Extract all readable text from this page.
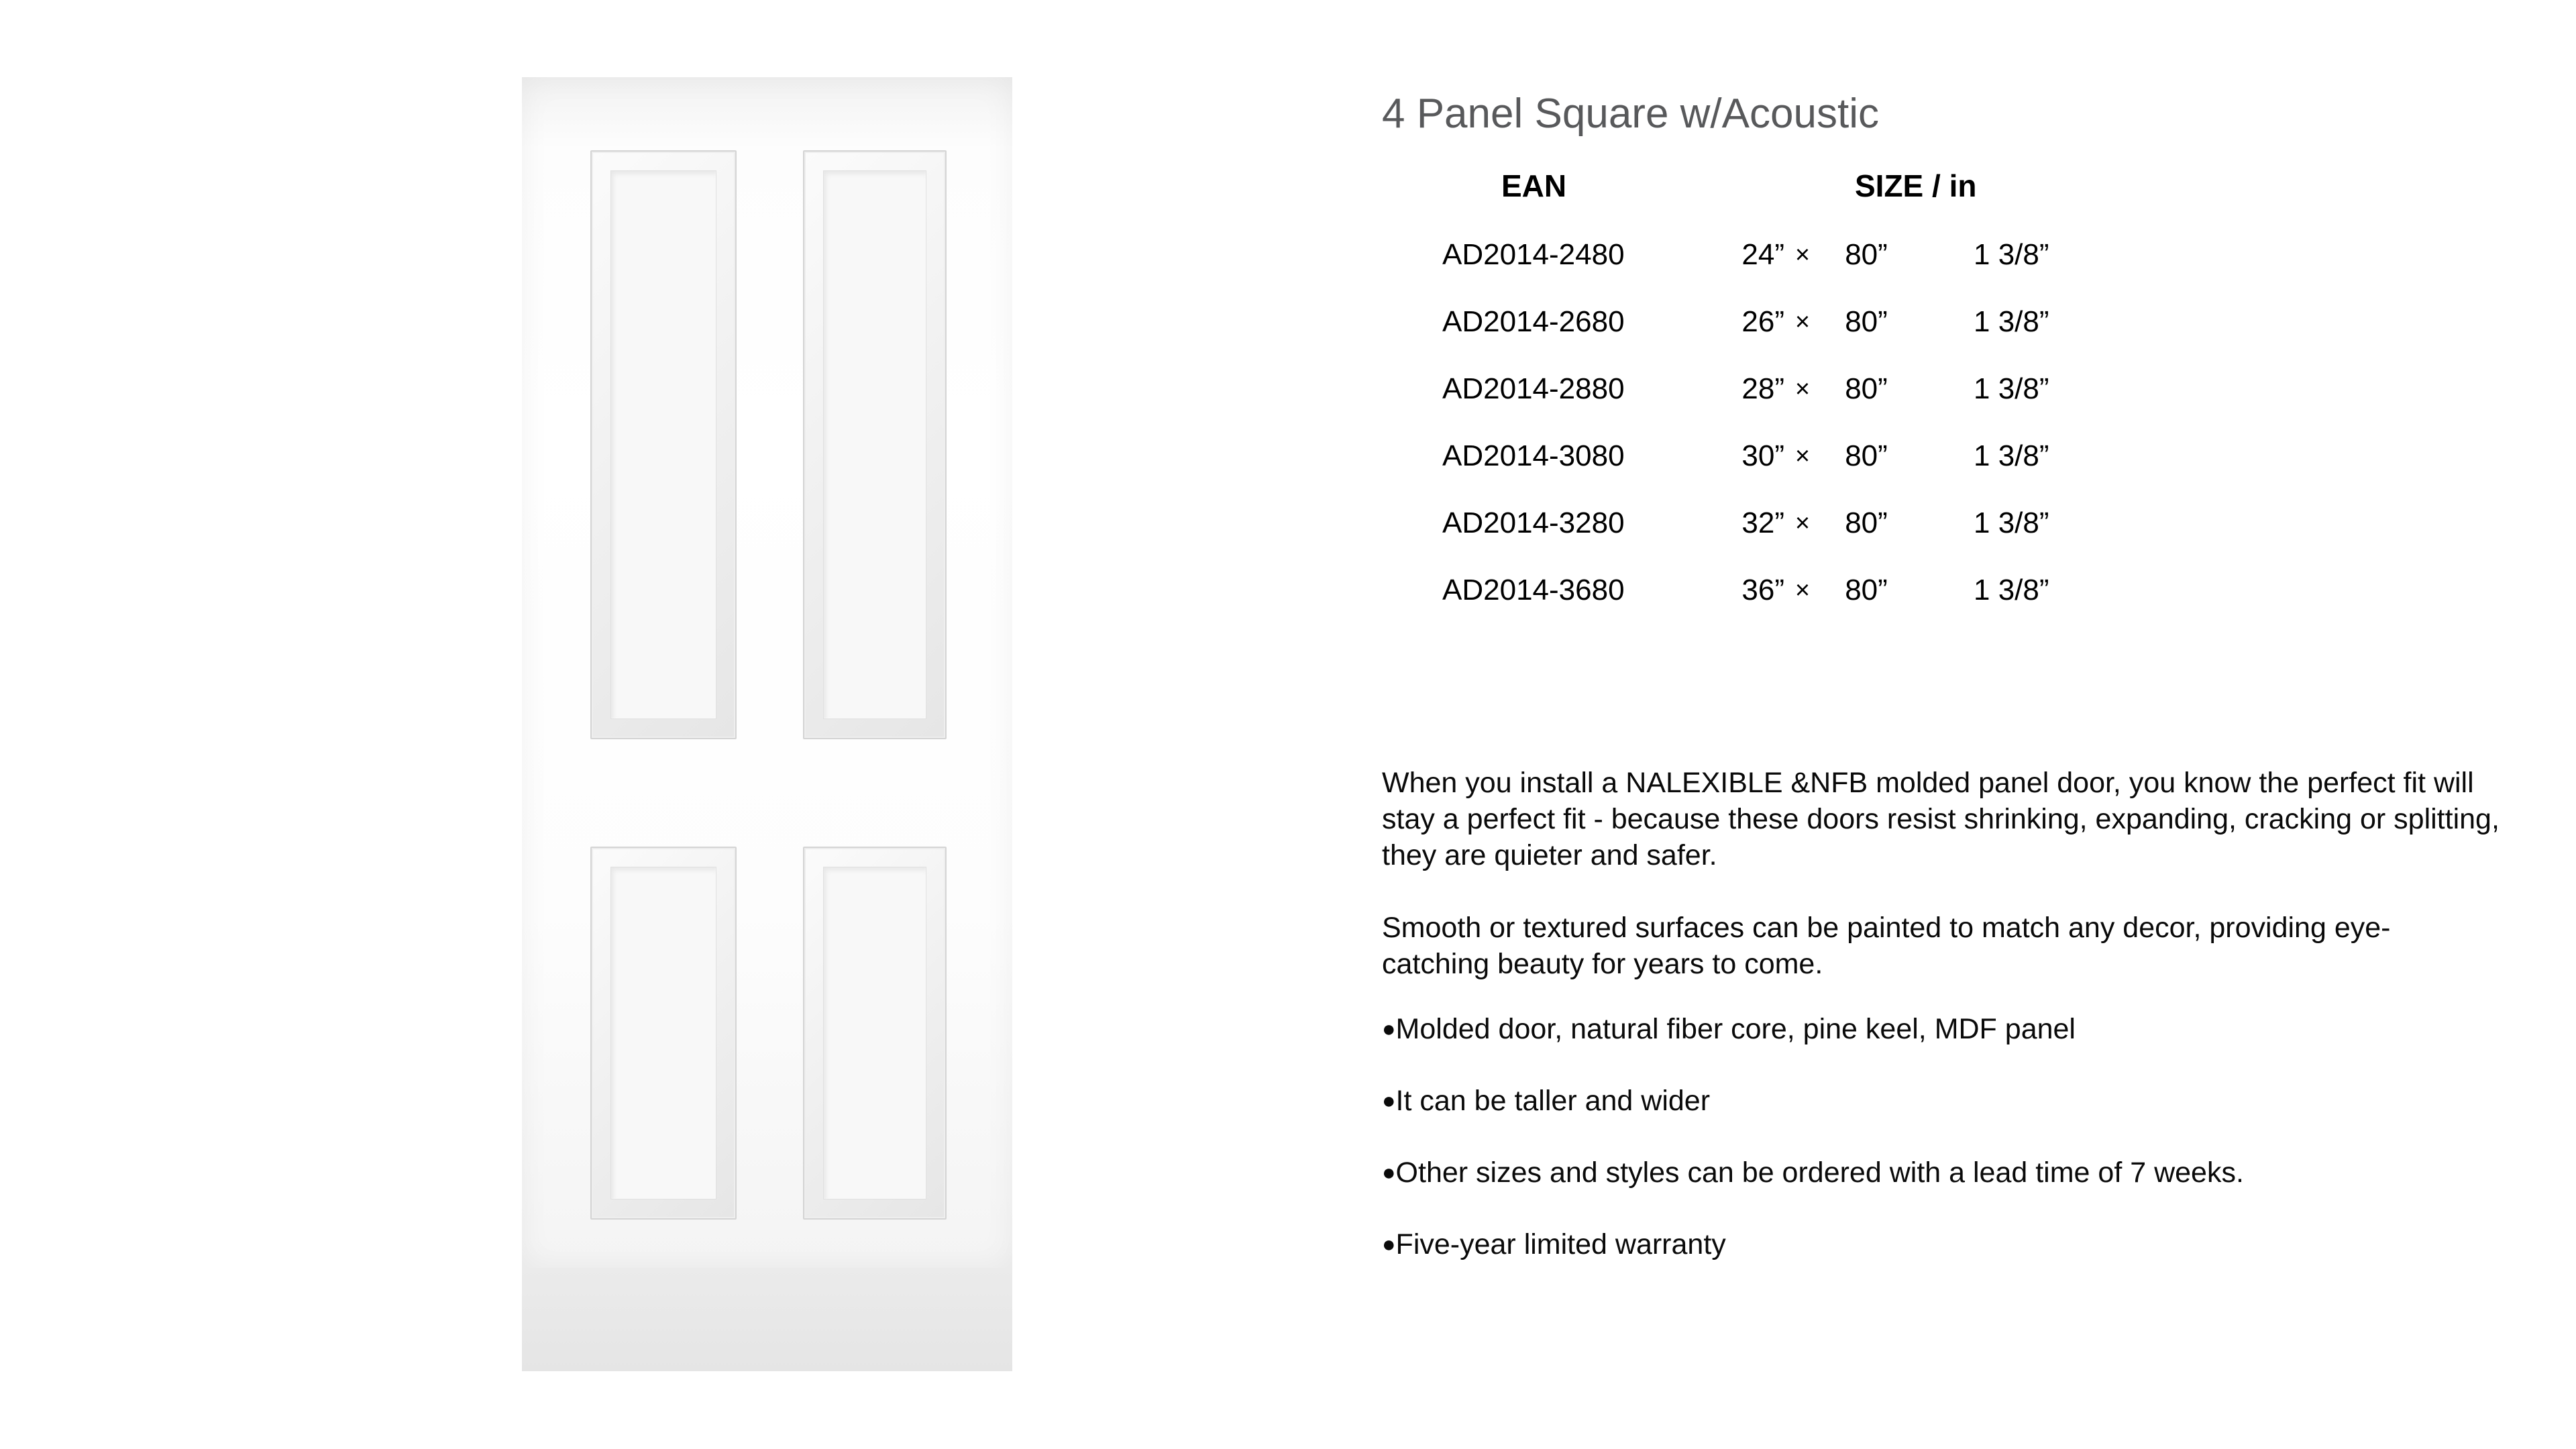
4 Panel Square w/Acoustic
EAN	SIZE / in
AD2014-2480	24” ×	80”	1 3/8”
AD2014-2680	26” ×	80”	1 3/8”
AD2014-2880	28” ×	80”	1 3/8”
AD2014-3080	30” ×	80”	1 3/8”
AD2014-3280	32” ×	80”	1 3/8”
AD2014-3680	36” ×	80”	1 3/8”
When you install a NALEXIBLE &NFB molded panel door, you know the perfect fit will
stay a perfect fit - because these doors resist shrinking, expanding, cracking or splitting,
they are quieter and safer.
Smooth or textured surfaces can be painted to match any decor, providing eye-
catching beauty for years to come.
●Molded door, natural fiber core, pine keel, MDF panel
●It can be taller and wider
●Other sizes and styles can be ordered with a lead time of 7 weeks.
●Five-year limited warranty
